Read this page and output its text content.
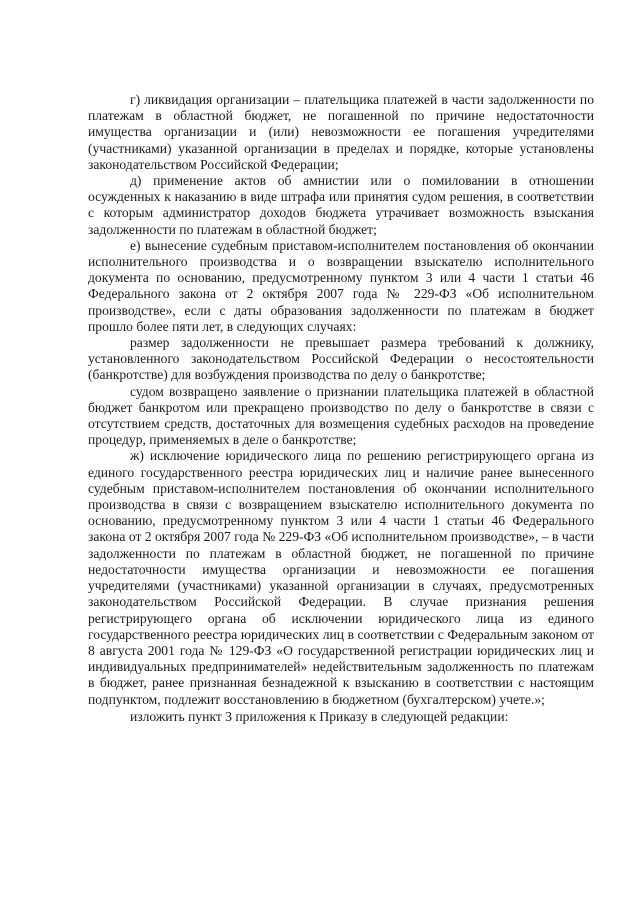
г) ликвидация организации – плательщика платежей в части задолженности по платежам в областной бюджет, не погашенной по причине недостаточности имущества организации и (или) невозможности ее погашения учредителями (участниками) указанной организации в пределах и порядке, которые установлены законодательством Российской Федерации;

д) применение актов об амнистии или о помиловании в отношении осужденных к наказанию в виде штрафа или принятия судом решения, в соответствии с которым администратор доходов бюджета утрачивает возможность взыскания задолженности по платежам в областной бюджет;

е) вынесение судебным приставом-исполнителем постановления об окончании исполнительного производства и о возвращении взыскателю исполнительного документа по основанию, предусмотренному пунктом 3 или 4 части 1 статьи 46 Федерального закона от 2 октября 2007 года № 229-ФЗ «Об исполнительном производстве», если с даты образования задолженности по платежам в бюджет прошло более пяти лет, в следующих случаях:

размер задолженности не превышает размера требований к должнику, установленного законодательством Российской Федерации о несостоятельности (банкротстве) для возбуждения производства по делу о банкротстве;

судом возвращено заявление о признании плательщика платежей в областной бюджет банкротом или прекращено производство по делу о банкротстве в связи с отсутствием средств, достаточных для возмещения судебных расходов на проведение процедур, применяемых в деле о банкротстве;

ж) исключение юридического лица по решению регистрирующего органа из единого государственного реестра юридических лиц и наличие ранее вынесенного судебным приставом-исполнителем постановления об окончании исполнительного производства в связи с возвращением взыскателю исполнительного документа по основанию, предусмотренному пунктом 3 или 4 части 1 статьи 46 Федерального закона от 2 октября 2007 года № 229-ФЗ «Об исполнительном производстве», – в части задолженности по платежам в областной бюджет, не погашенной по причине недостаточности имущества организации и невозможности ее погашения учредителями (участниками) указанной организации в случаях, предусмотренных законодательством Российской Федерации. В случае признания решения регистрирующего органа об исключении юридического лица из единого государственного реестра юридических лиц в соответствии с Федеральным законом от 8 августа 2001 года № 129-ФЗ «О государственной регистрации юридических лиц и индивидуальных предпринимателей» недействительным задолженность по платежам в бюджет, ранее признанная безнадежной к взысканию в соответствии с настоящим подпунктом, подлежит восстановлению в бюджетном (бухгалтерском) учете.»;

изложить пункт 3 приложения к Приказу в следующей редакции:
